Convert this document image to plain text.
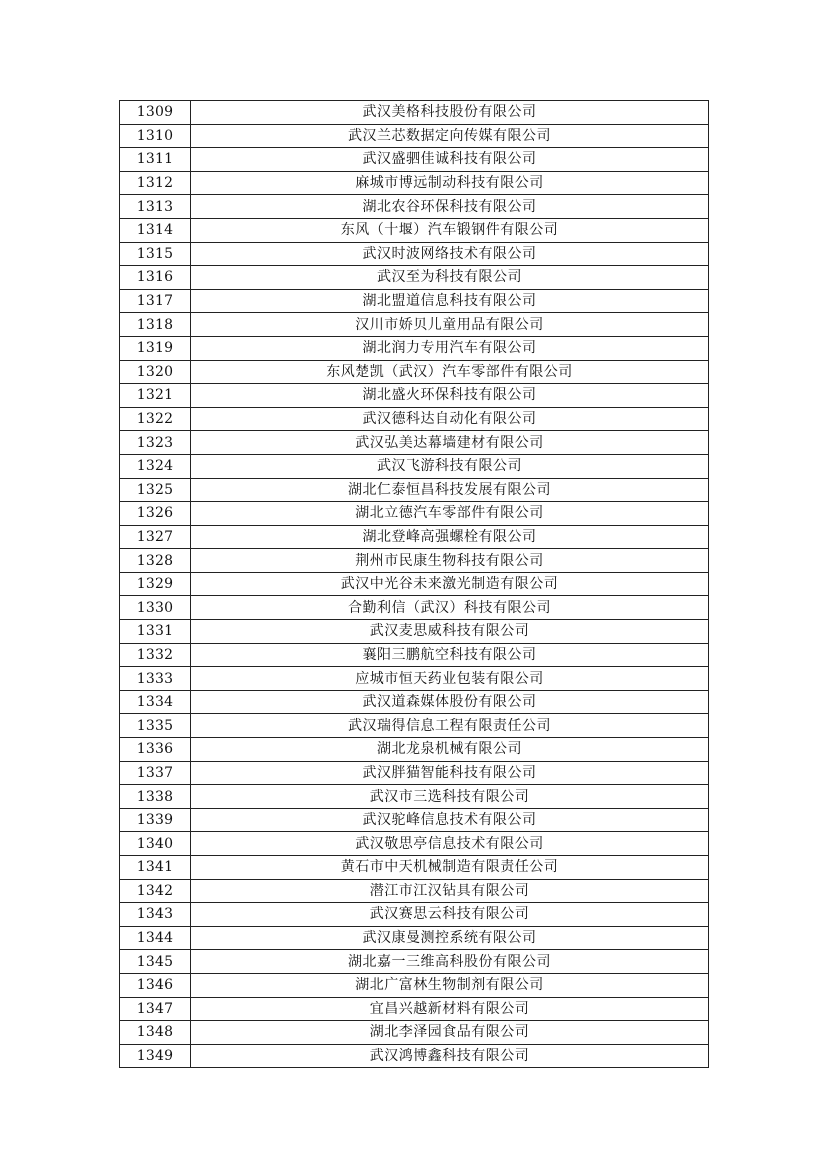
1309	武汉美格科技股份有限公司
1310	武汉兰芯数据定向传媒有限公司
1311	武汉盛驷佳诚科技有限公司
1312	麻城市博远制动科技有限公司
1313	湖北农谷环保科技有限公司
1314	东风（十堰）汽车锻钢件有限公司
1315	武汉时波网络技术有限公司
1316	武汉至为科技有限公司
1317	湖北盟道信息科技有限公司
1318	汉川市娇贝儿童用品有限公司
1319	湖北润力专用汽车有限公司
1320	东风楚凯（武汉）汽车零部件有限公司
1321	湖北盛火环保科技有限公司
1322	武汉德科达自动化有限公司
1323	武汉弘美达幕墙建材有限公司
1324	武汉飞游科技有限公司
1325	湖北仁泰恒昌科技发展有限公司
1326	湖北立德汽车零部件有限公司
1327	湖北登峰高强螺栓有限公司
1328	荆州市民康生物科技有限公司
1329	武汉中光谷未来激光制造有限公司
1330	合勤利信（武汉）科技有限公司
1331	武汉麦思威科技有限公司
1332	襄阳三鹏航空科技有限公司
1333	应城市恒天药业包装有限公司
1334	武汉道森媒体股份有限公司
1335	武汉瑞得信息工程有限责任公司
1336	湖北龙泉机械有限公司
1337	武汉胖猫智能科技有限公司
1338	武汉市三选科技有限公司
1339	武汉驼峰信息技术有限公司
1340	武汉敬思亭信息技术有限公司
1341	黄石市中天机械制造有限责任公司
1342	潜江市江汉钻具有限公司
1343	武汉赛思云科技有限公司
1344	武汉康曼测控系统有限公司
1345	湖北嘉一三维高科股份有限公司
1346	湖北广富林生物制剂有限公司
1347	宜昌兴越新材料有限公司
1348	湖北李泽园食品有限公司
1349	武汉鸿博鑫科技有限公司
